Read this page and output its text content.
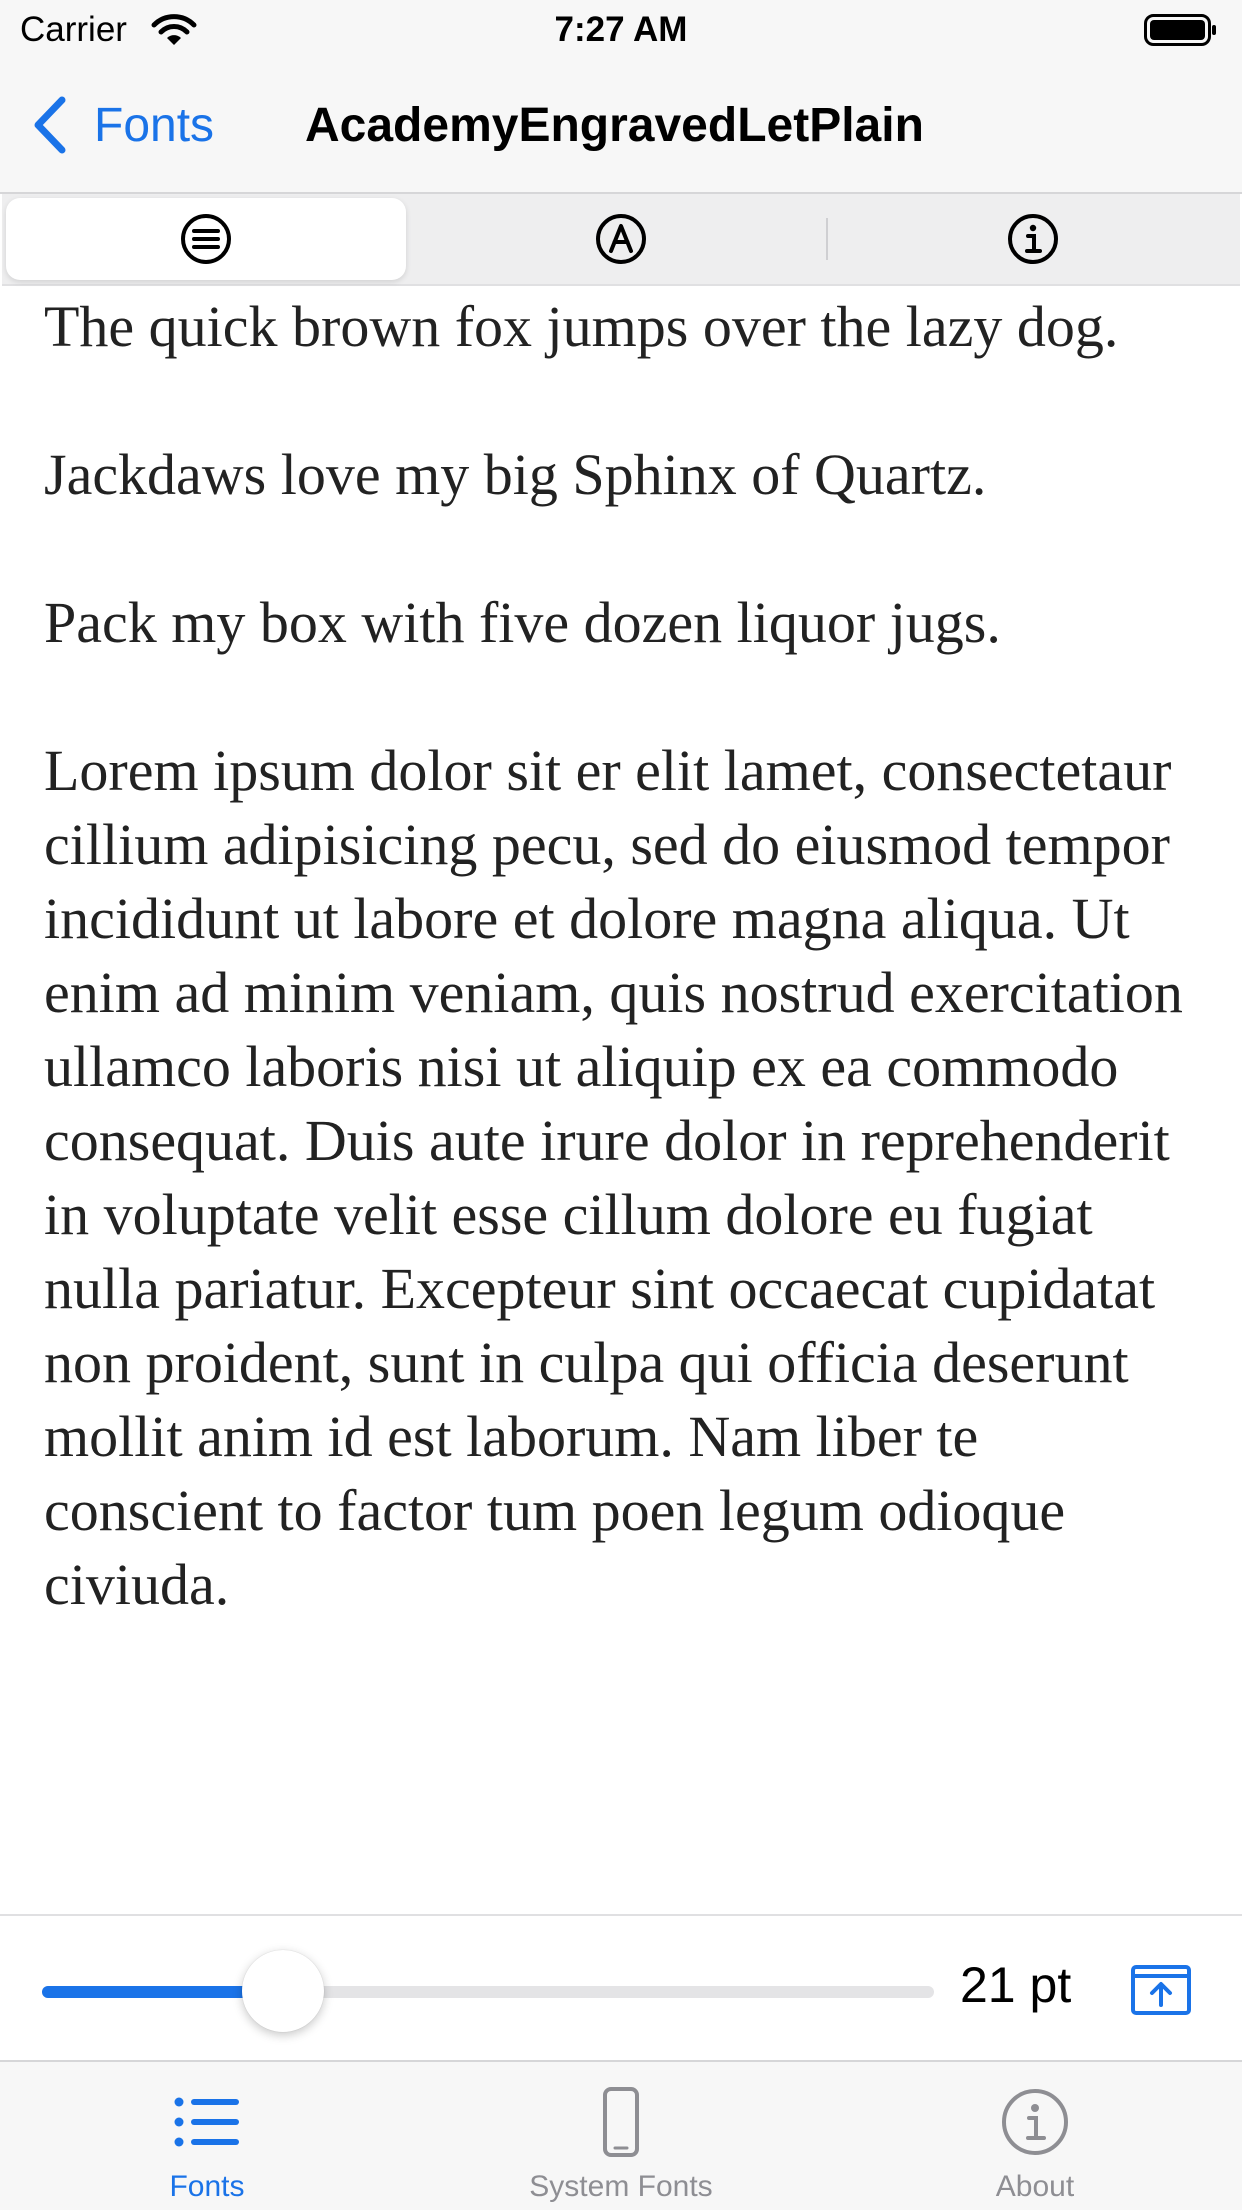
Carrier	7:27 AM
Fonts AcademyEngravedLetPlain

The quick brown fox jumps over the lazy dog.

Jackdaws love my big Sphinx of Quartz.

Pack my box with five dozen liquor jugs.

Lorem ipsum dolor sit er elit lamet, consectetaur cillium adipisicing pecu, sed do eiusmod tempor incididunt ut labore et dolore magna aliqua. Ut enim ad minim veniam, quis nostrud exercitation ullamco laboris nisi ut aliquip ex ea commodo consequat. Duis aute irure dolor in reprehenderit in voluptate velit esse cillum dolore eu fugiat nulla pariatur. Excepteur sint occaecat cupidatat non proident, sunt in culpa qui officia deserunt mollit anim id est laborum. Nam liber te conscient to factor tum poen legum odioque civiuda.

21 pt
Fonts	System Fonts	About
